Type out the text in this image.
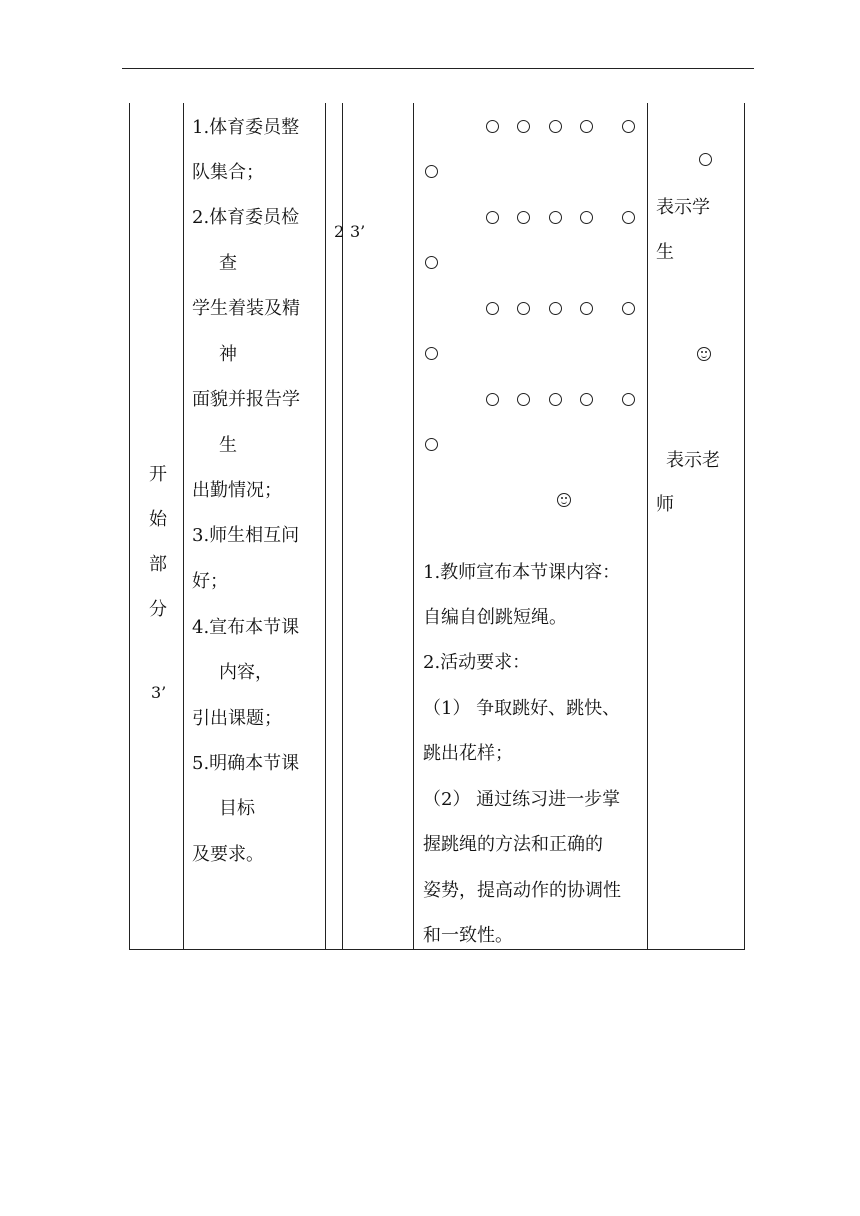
开
始
部
分
3’
1.体育委员整
队集合；
2.体育委员检
查
学生着装及精
神
面貌并报告学
生
出勤情况；
3.师生相互问
好；
4.宣布本节课
内容，
引出课题；
5.明确本节课
目标
及要求。
2 3’
1.教师宣布本节课内容：
自编自创跳短绳。
2.活动要求：
（1） 争取跳好、跳快、
跳出花样；
（2） 通过练习进一步掌
握跳绳的方法和正确的
姿势，提高动作的协调性
和一致性。
表示学
生
表示老
师
